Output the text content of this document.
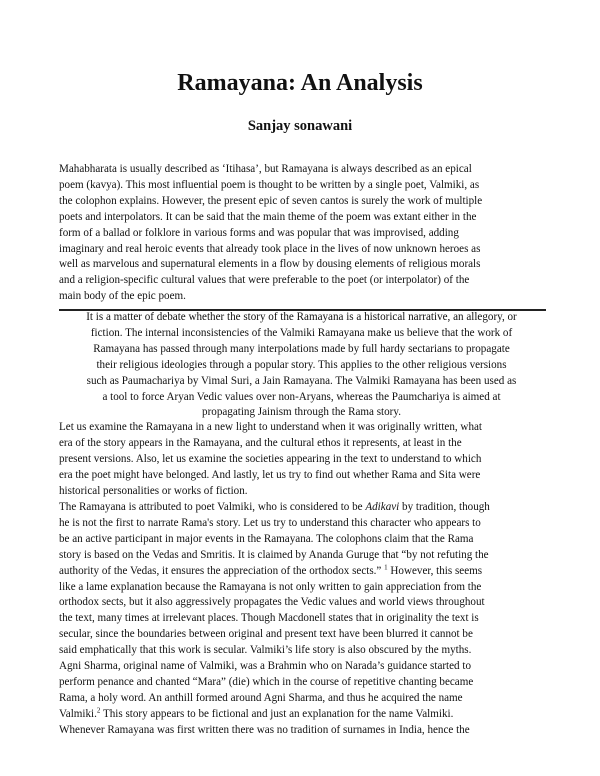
Ramayana: An Analysis
Sanjay sonawani

Mahabharata is usually described as ‘Itihasa’, but Ramayana is always described as an epical
poem (kavya). This most influential poem is thought to be written by a single poet, Valmiki, as
the colophon explains. However, the present epic of seven cantos is surely the work of multiple
poets and interpolators. It can be said that the main theme of the poem was extant either in the
form of a ballad or folklore in various forms and was popular that was improvised, adding
imaginary and real heroic events that already took place in the lives of now unknown heroes as
well as marvelous and supernatural elements in a flow by dousing elements of religious morals
and a religion-specific cultural values that were preferable to the poet (or interpolator) of the
main body of the epic poem.

It is a matter of debate whether the story of the Ramayana is a historical narrative, an allegory, or
fiction. The internal inconsistencies of the Valmiki Ramayana make us believe that the work of
Ramayana has passed through many interpolations made by full hardy sectarians to propagate
their religious ideologies through a popular story. This applies to the other religious versions
such as Paumachariya by Vimal Suri, a Jain Ramayana. The Valmiki Ramayana has been used as
a tool to force Aryan Vedic values over non-Aryans, whereas the Paumchariya is aimed at
propagating Jainism through the Rama story.

Let us examine the Ramayana in a new light to understand when it was originally written, what
era of the story appears in the Ramayana, and the cultural ethos it represents, at least in the
present versions. Also, let us examine the societies appearing in the text to understand to which
era the poet might have belonged. And lastly, let us try to find out whether Rama and Sita were
historical personalities or works of fiction.

The Ramayana is attributed to poet Valmiki, who is considered to be Adikavi by tradition, though
he is not the first to narrate Rama's story. Let us try to understand this character who appears to
be an active participant in major events in the Ramayana. The colophons claim that the Rama
story is based on the Vedas and Smritis. It is claimed by Ananda Guruge that “by not refuting the
authority of the Vedas, it ensures the appreciation of the orthodox sects.” $^1$ However, this seems
like a lame explanation because the Ramayana is not only written to gain appreciation from the
orthodox sects, but it also aggressively propagates the Vedic values and world views throughout
the text, many times at irrelevant places. Though Macdonell states that in originality the text is
secular, since the boundaries between original and present text have been blurred it cannot be
said emphatically that this work is secular. Valmiki’s life story is also obscured by the myths.
Agni Sharma, original name of Valmiki, was a Brahmin who on Narada’s guidance started to
perform penance and chanted “Mara” (die) which in the course of repetitive chanting became
Rama, a holy word. An anthill formed around Agni Sharma, and thus he acquired the name
Valmiki.$^2$ This story appears to be fictional and just an explanation for the name Valmiki.
Whenever Ramayana was first written there was no tradition of surnames in India, hence the
